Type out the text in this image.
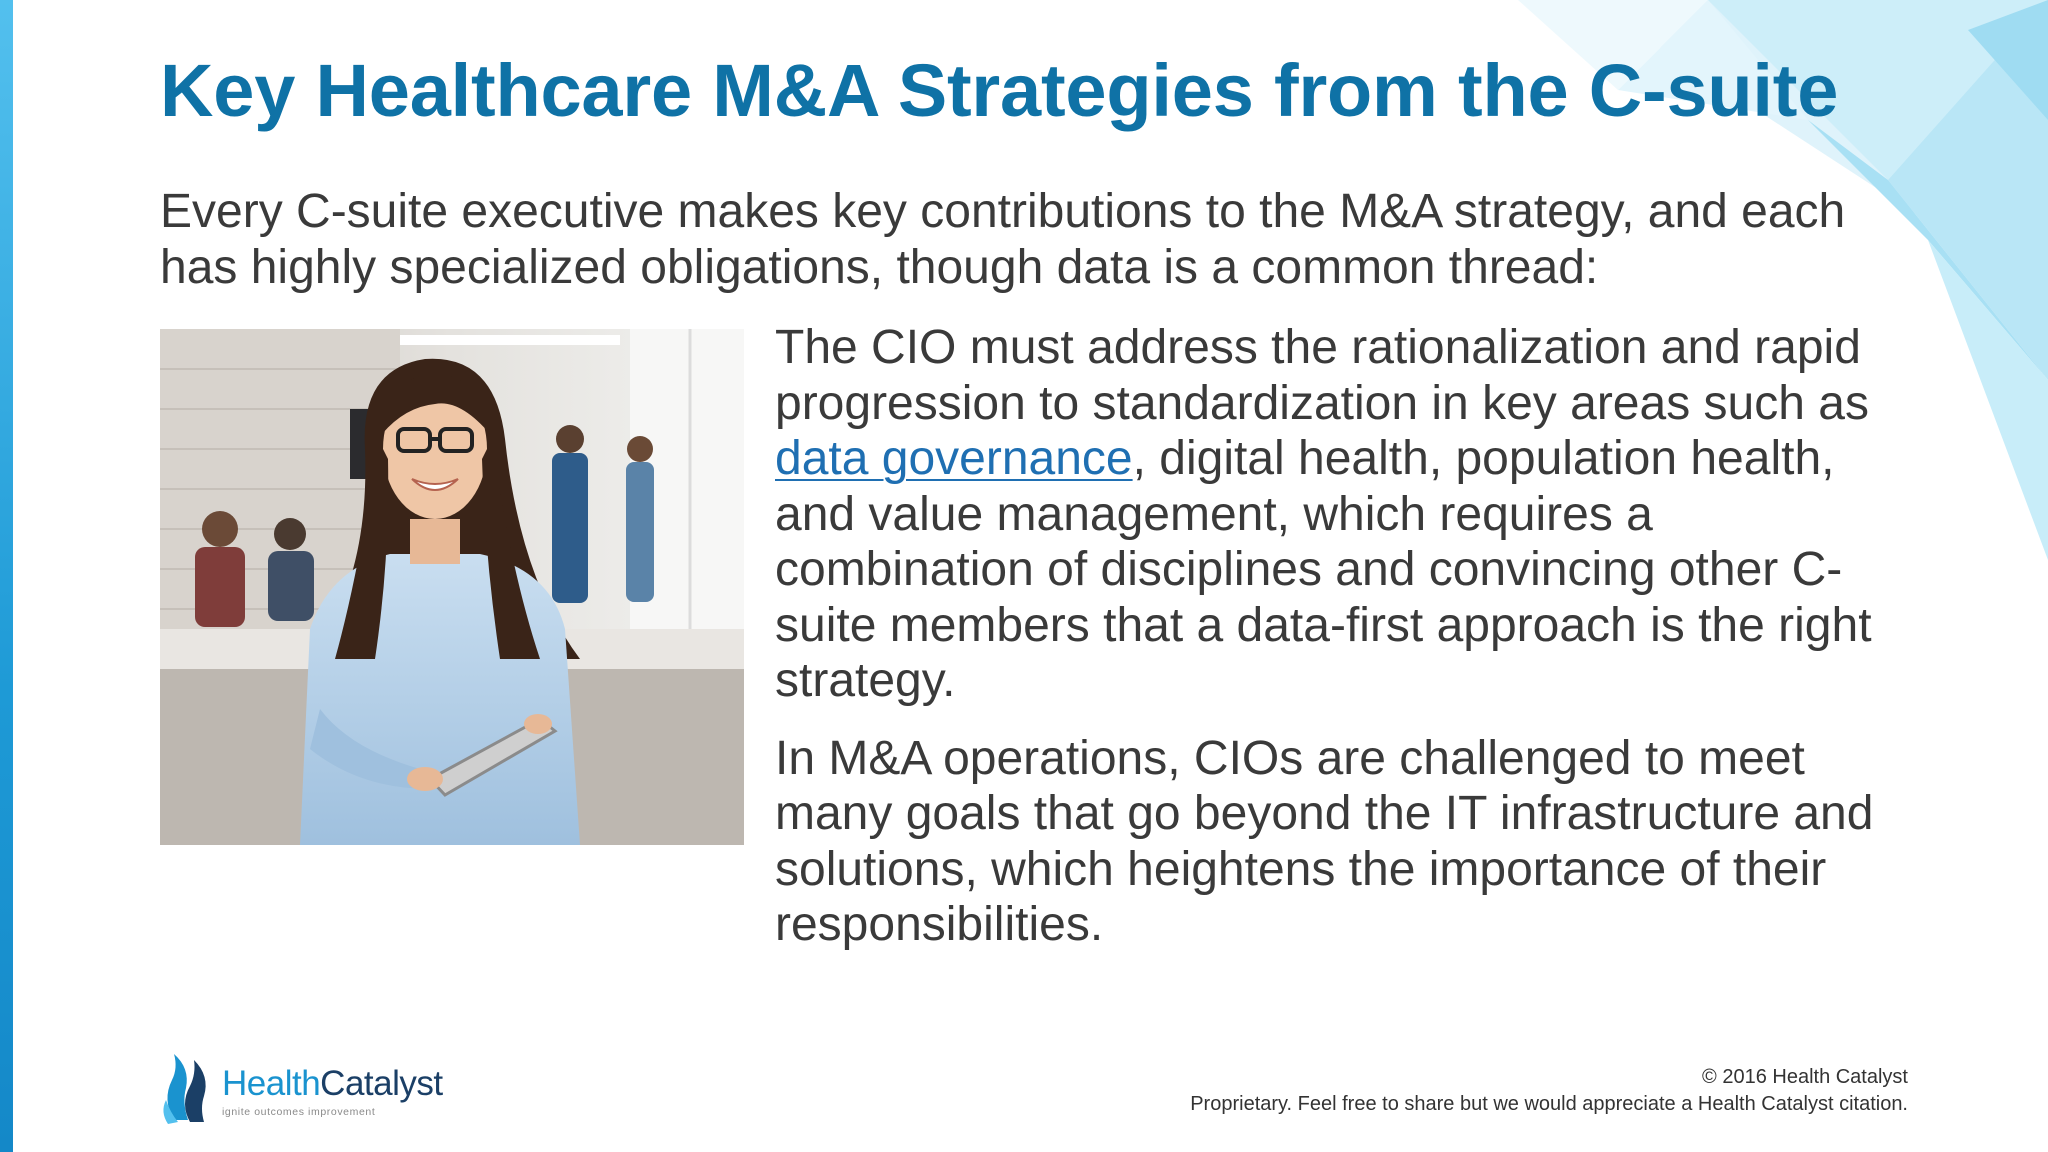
Key Healthcare M&A Strategies from the C-suite

Every C-suite executive makes key contributions to the M&A strategy, and each has highly specialized obligations, though data is a common thread:

The CIO must address the rationalization and rapid progression to standardization in key areas such as data governance, digital health, population health, and value management, which requires a combination of disciplines and convincing other C-suite members that a data-first approach is the right strategy.

In M&A operations, CIOs are challenged to meet many goals that go beyond the IT infrastructure and solutions, which heightens the importance of their responsibilities.

HealthCatalyst
ignite outcomes improvement
© 2016 Health Catalyst
Proprietary. Feel free to share but we would appreciate a Health Catalyst citation.
